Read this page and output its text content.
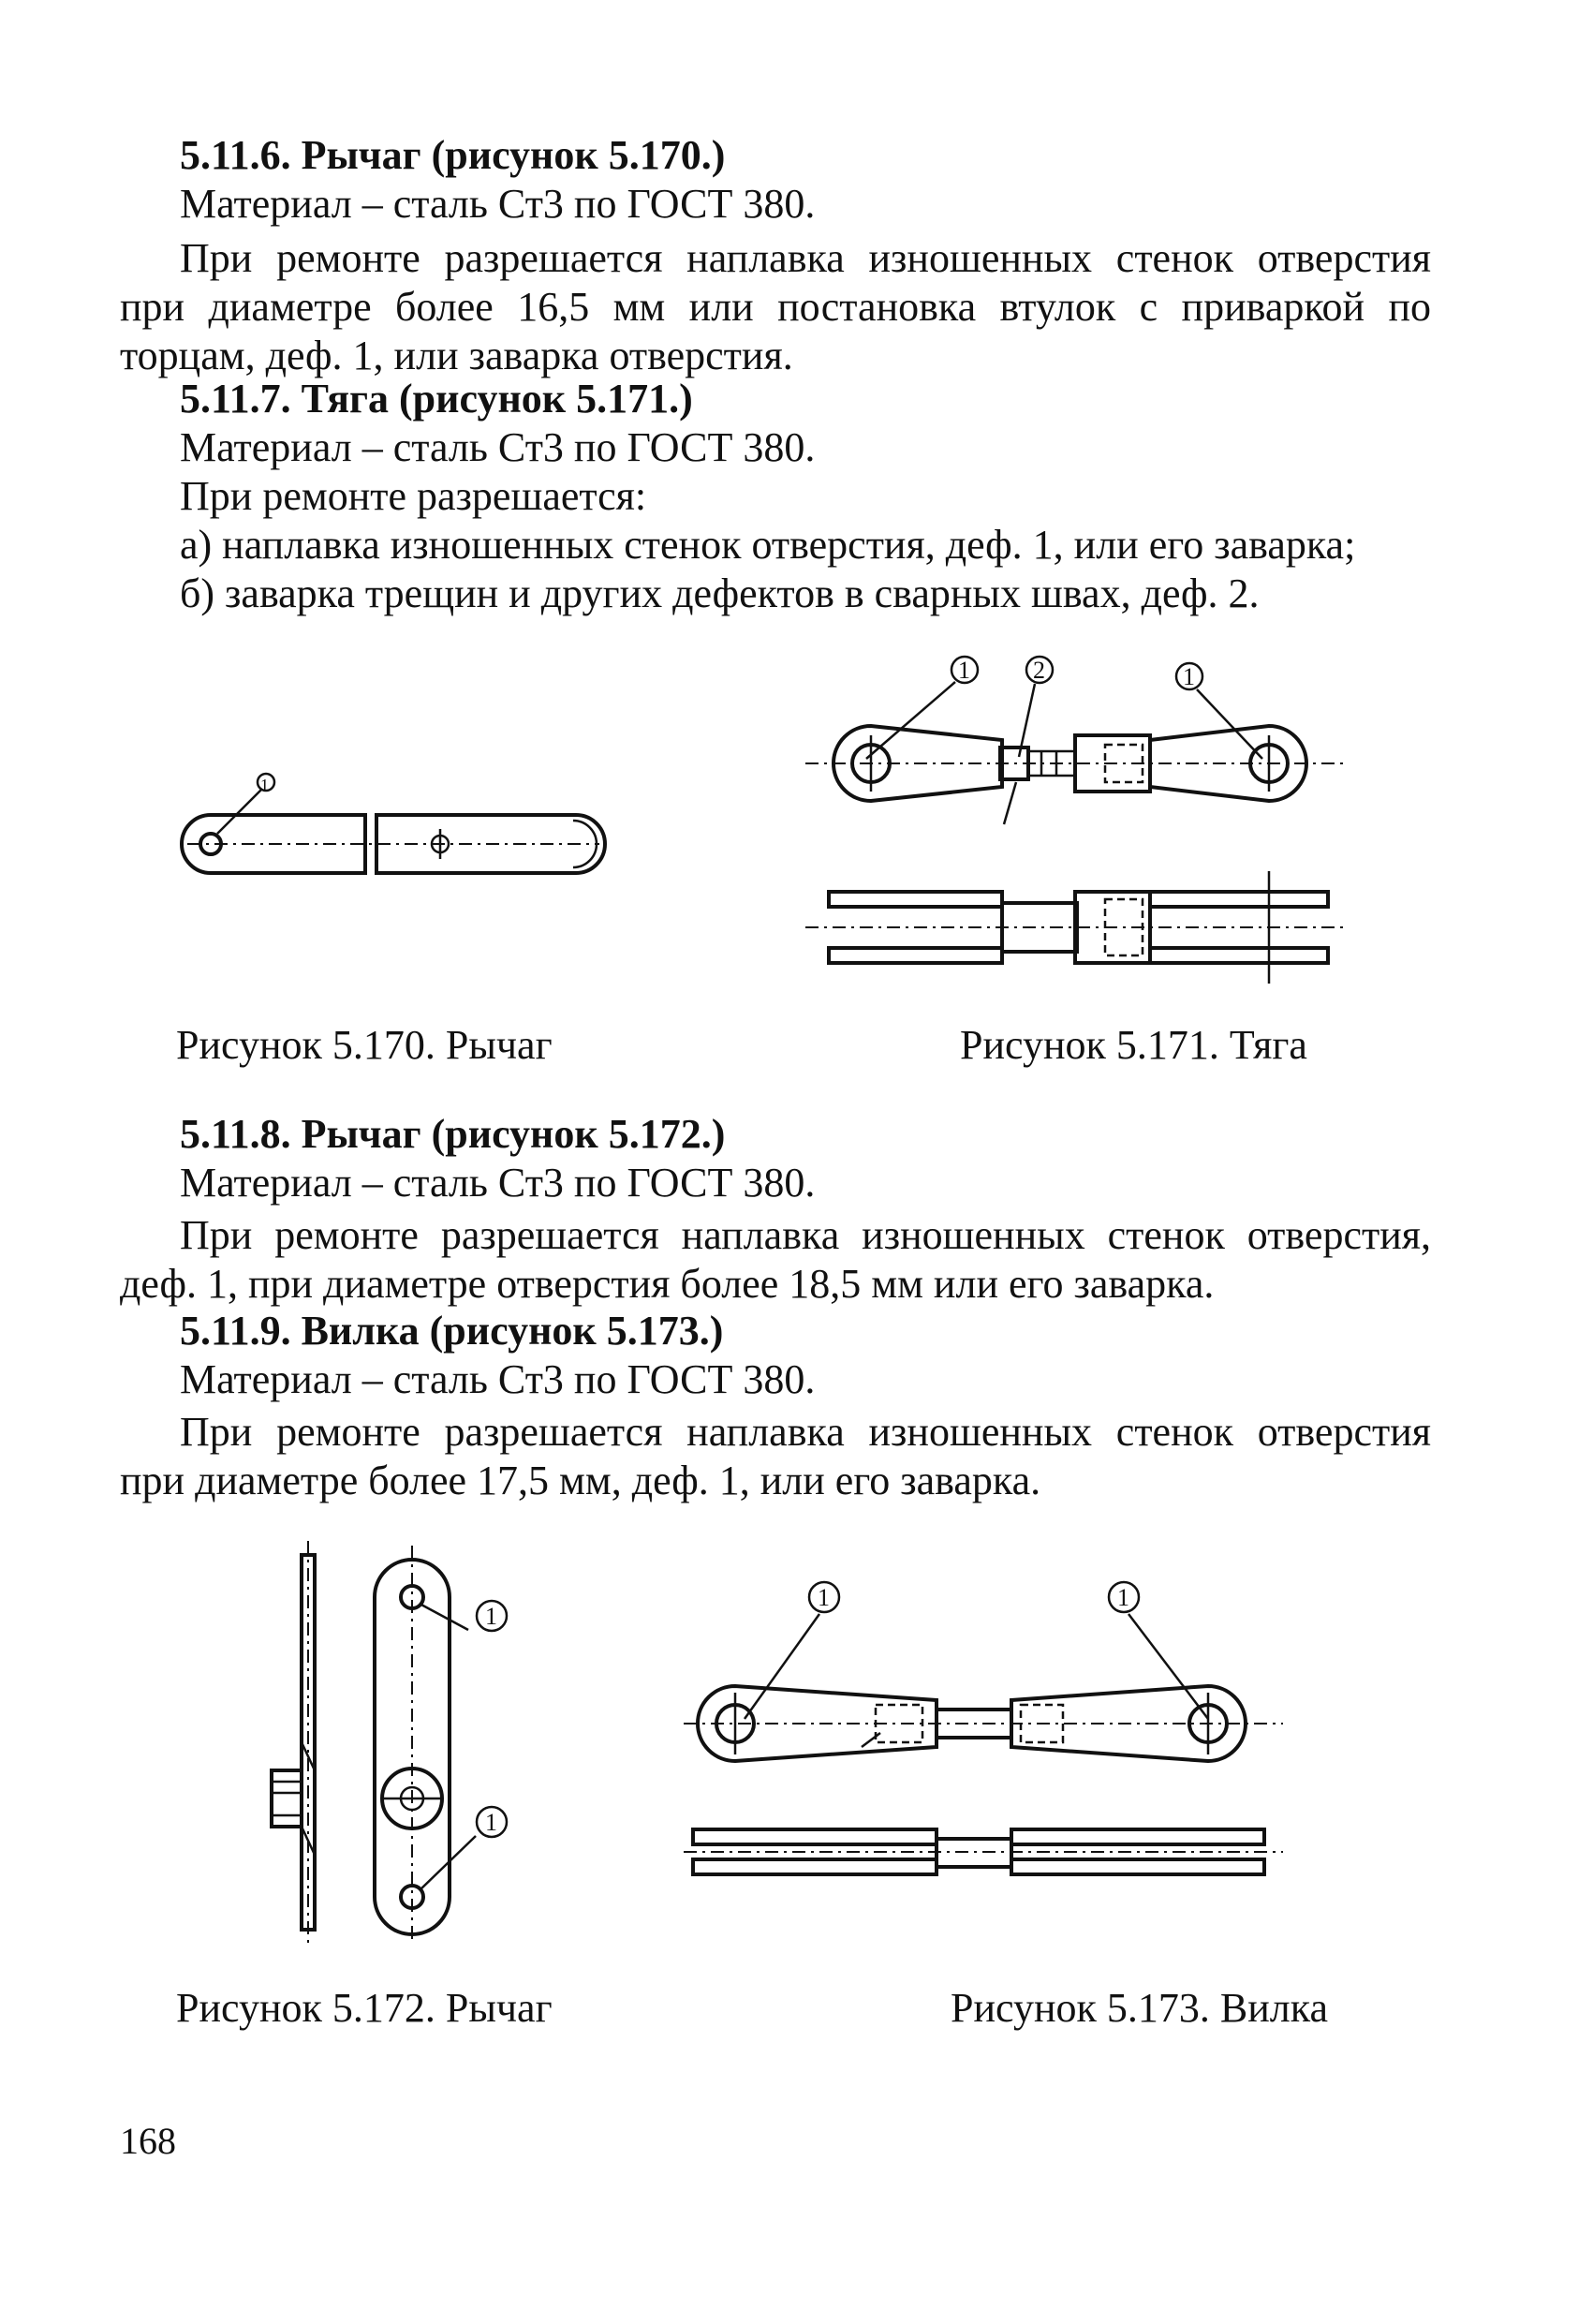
5.11.6. Рычаг (рисунок 5.170.)
Материал – сталь Ст3 по ГОСТ 380.
При ремонте разрешается наплавка изношенных стенок отверстия
при диаметре более 16,5 мм или постановка втулок с приваркой по
торцам, деф. 1, или заварка отверстия.
5.11.7. Тяга (рисунок 5.171.)
Материал – сталь Ст3 по ГОСТ 380.
При ремонте разрешается:
а) наплавка изношенных стенок отверстия, деф. 1, или его заварка;
б) заварка трещин и других дефектов в сварных швах, деф. 2.
1
Рисунок 5.170. Рычаг
1	2	1
Рисунок 5.171. Тяга
5.11.8. Рычаг (рисунок 5.172.)
Материал – сталь Ст3 по ГОСТ 380.
При ремонте разрешается наплавка изношенных стенок отверстия,
деф. 1, при диаметре отверстия более 18,5 мм или его заварка.
5.11.9. Вилка (рисунок 5.173.)
Материал – сталь Ст3 по ГОСТ 380.
При ремонте разрешается наплавка изношенных стенок отверстия
при диаметре более 17,5 мм, деф. 1, или его заварка.
1
1
Рисунок 5.172. Рычаг
1	1
Рисунок 5.173. Вилка
168
